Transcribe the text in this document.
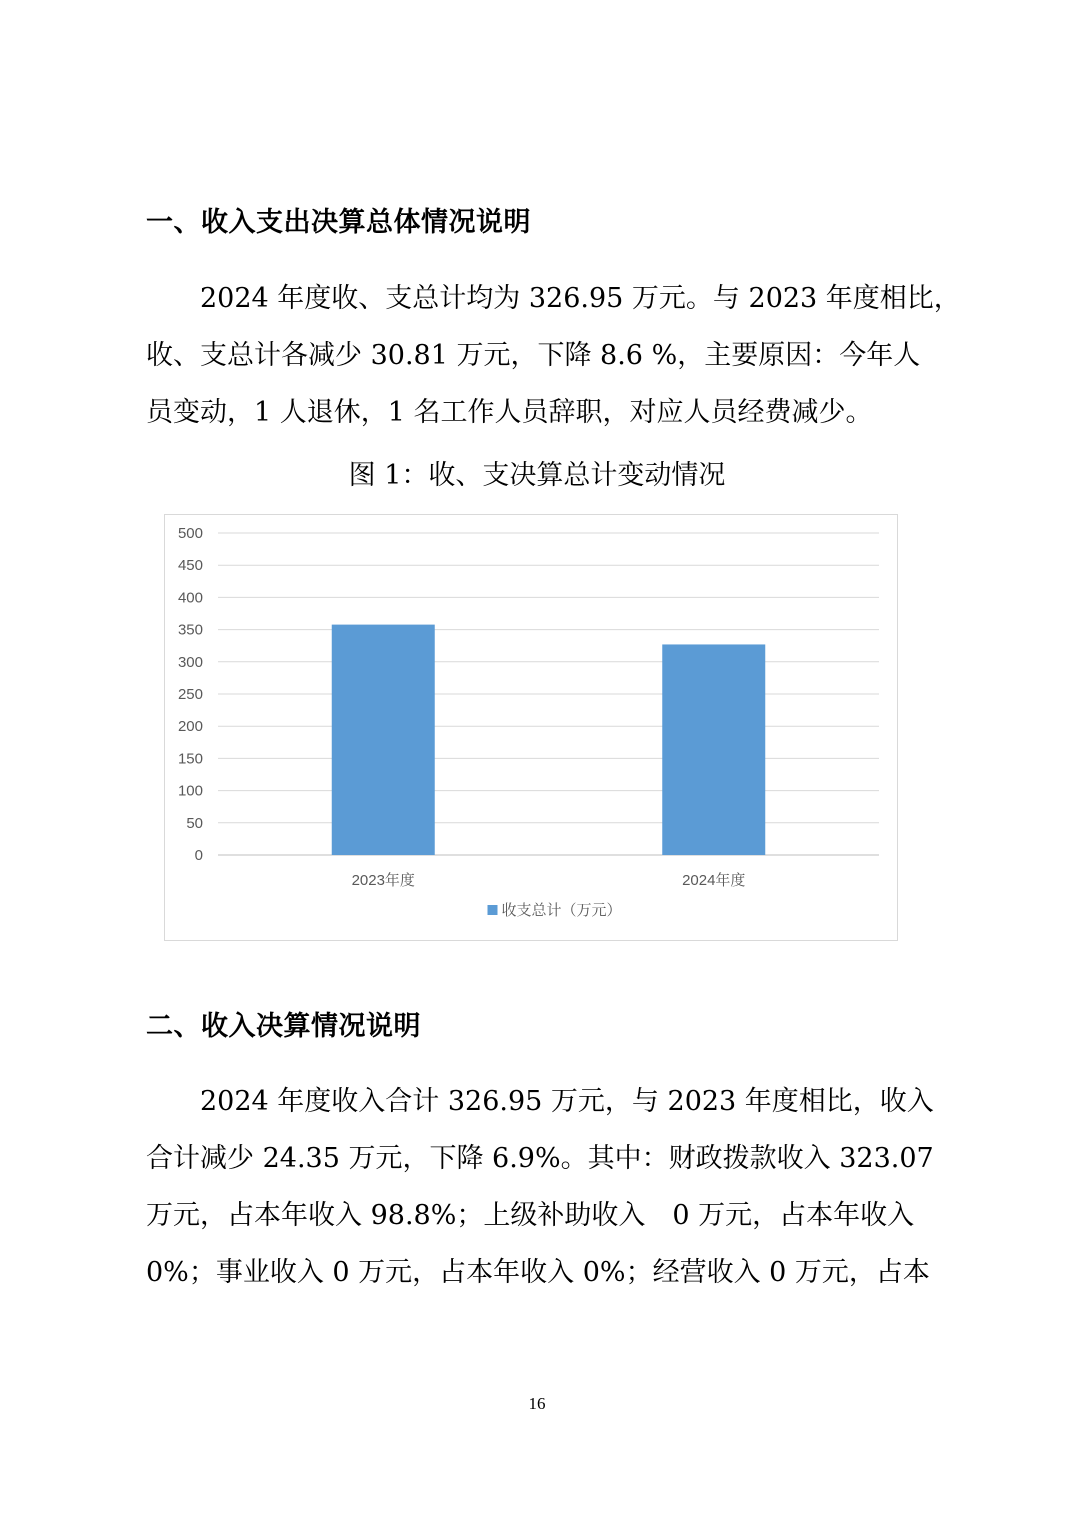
一、收入支出决算总体情况说明
　　2024 年度收、支总计均为 326.95 万元。与 2023 年度相比，
收、支总计各减少 30.81 万元，下降 8.6 %，主要原因：今年人
员变动，1 人退休，1 名工作人员辞职，对应人员经费减少。
图 1：收、支决算总计变动情况
0
50
100
150
200
250
300
350
400
450
500
2023年度	2024年度
收支总计（万元）
二、收入决算情况说明
　　2024 年度收入合计 326.95 万元，与 2023 年度相比，收入
合计减少 24.35 万元，下降 6.9%。其中：财政拨款收入 323.07
万元，占本年收入 98.8%；上级补助收入　0 万元，占本年收入
0%；事业收入 0 万元，占本年收入 0%；经营收入 0 万元，占本
16
